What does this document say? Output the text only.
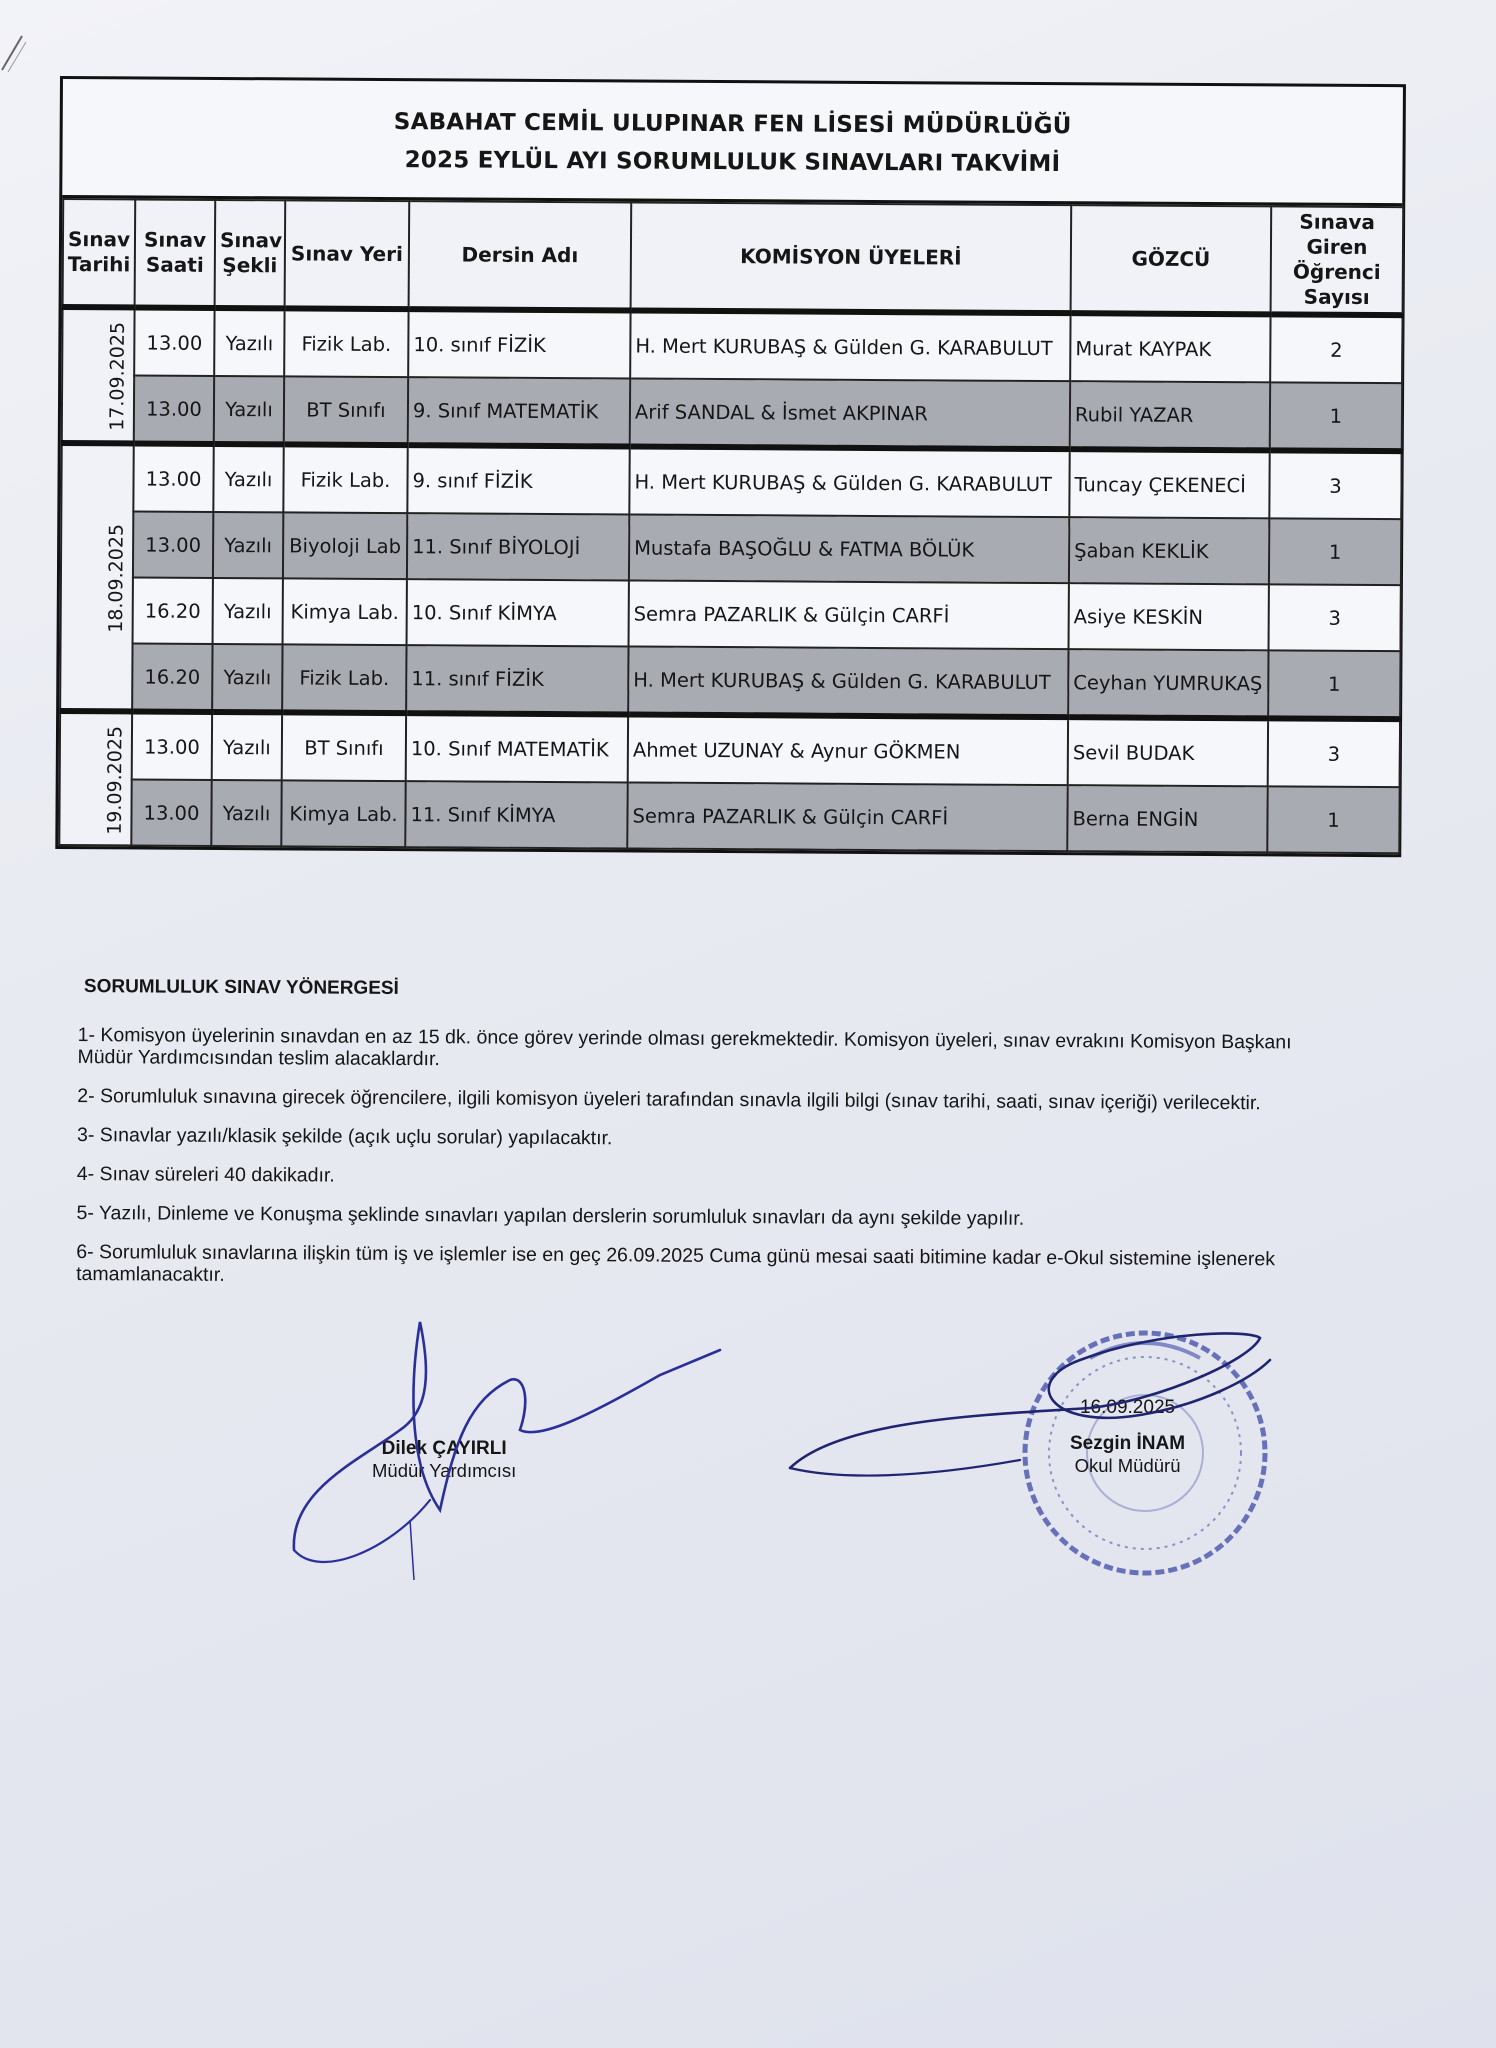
SABAHAT CEMİL ULUPINAR FEN LİSESİ MÜDÜRLÜĞÜ
2025 EYLÜL AYI SORUMLULUK SINAVLARI TAKVİMİ
Sınav Tarihi	Sınav Saati	Sınav Şekli	Sınav Yeri	Dersin Adı	KOMİSYON ÜYELERİ	GÖZCÜ	Sınava Giren Öğrenci Sayısı
17.09.2025	13.00	Yazılı	Fizik Lab.	10. sınıf FİZİK	H. Mert KURUBAŞ & Gülden G. KARABULUT	Murat KAYPAK	2
	13.00	Yazılı	BT Sınıfı	9. Sınıf MATEMATİK	Arif SANDAL & İsmet AKPINAR	Rubil YAZAR	1
18.09.2025	13.00	Yazılı	Fizik Lab.	9. sınıf FİZİK	H. Mert KURUBAŞ & Gülden G. KARABULUT	Tuncay ÇEKENECİ	3
	13.00	Yazılı	Biyoloji Lab	11. Sınıf BİYOLOJİ	Mustafa BAŞOĞLU & FATMA BÖLÜK	Şaban KEKLİK	1
	16.20	Yazılı	Kimya Lab.	10. Sınıf KİMYA	Semra PAZARLIK & Gülçin CARFİ	Asiye KESKİN	3
	16.20	Yazılı	Fizik Lab.	11. sınıf FİZİK	H. Mert KURUBAŞ & Gülden G. KARABULUT	Ceyhan YUMRUKAŞ	1
19.09.2025	13.00	Yazılı	BT Sınıfı	10. Sınıf MATEMATİK	Ahmet UZUNAY & Aynur GÖKMEN	Sevil BUDAK	3
	13.00	Yazılı	Kimya Lab.	11. Sınıf KİMYA	Semra PAZARLIK & Gülçin CARFİ	Berna ENGİN	1
SORUMLULUK SINAV YÖNERGESİ
1- Komisyon üyelerinin sınavdan en az 15 dk. önce görev yerinde olması gerekmektedir. Komisyon üyeleri, sınav evrakını Komisyon Başkanı Müdür Yardımcısından teslim alacaklardır.
2- Sorumluluk sınavına girecek öğrencilere, ilgili komisyon üyeleri tarafından sınavla ilgili bilgi (sınav tarihi, saati, sınav içeriği) verilecektir.
3- Sınavlar yazılı/klasik şekilde (açık uçlu sorular) yapılacaktır.
4- Sınav süreleri 40 dakikadır.
5- Yazılı, Dinleme ve Konuşma şeklinde sınavları yapılan derslerin sorumluluk sınavları da aynı şekilde yapılır.
6- Sorumluluk sınavlarına ilişkin tüm iş ve işlemler ise en geç 26.09.2025 Cuma günü mesai saati bitimine kadar e-Okul sistemine işlenerek tamamlanacaktır.
Dilek ÇAYIRLI
Müdür Yardımcısı
16.09.2025
Sezgin İNAM
Okul Müdürü
